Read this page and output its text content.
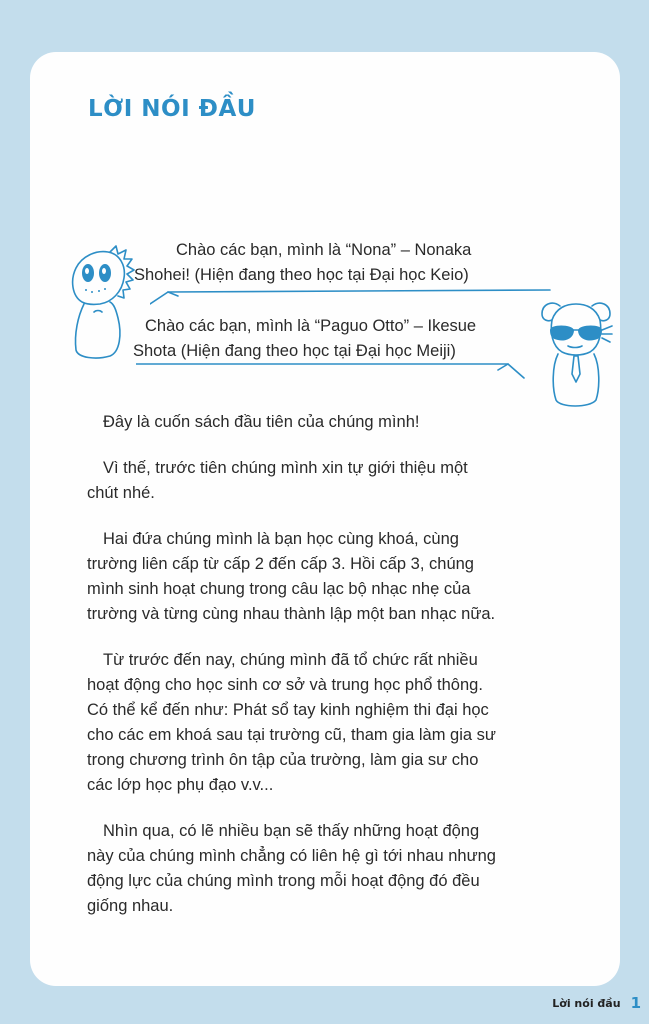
LỜI NÓI ĐẦU

Chào các bạn, mình là “Nona” – Nonaka
Shohei! (Hiện đang theo học tại Đại học Keio)

Chào các bạn, mình là “Paguo Otto” – Ikesue
Shota (Hiện đang theo học tại Đại học Meiji)

Đây là cuốn sách đầu tiên của chúng mình!

Vì thế, trước tiên chúng mình xin tự giới thiệu một
chút nhé.

Hai đứa chúng mình là bạn học cùng khoá, cùng
trường liên cấp từ cấp 2 đến cấp 3. Hồi cấp 3, chúng
mình sinh hoạt chung trong câu lạc bộ nhạc nhẹ của
trường và từng cùng nhau thành lập một ban nhạc nữa.

Từ trước đến nay, chúng mình đã tổ chức rất nhiều
hoạt động cho học sinh cơ sở và trung học phổ thông.
Có thể kể đến như: Phát sổ tay kinh nghiệm thi đại học
cho các em khoá sau tại trường cũ, tham gia làm gia sư
trong chương trình ôn tập của trường, làm gia sư cho
các lớp học phụ đạo v.v...

Nhìn qua, có lẽ nhiều bạn sẽ thấy những hoạt động
này của chúng mình chẳng có liên hệ gì tới nhau nhưng
động lực của chúng mình trong mỗi hoạt động đó đều
giống nhau.

Lời nói đầu 1
